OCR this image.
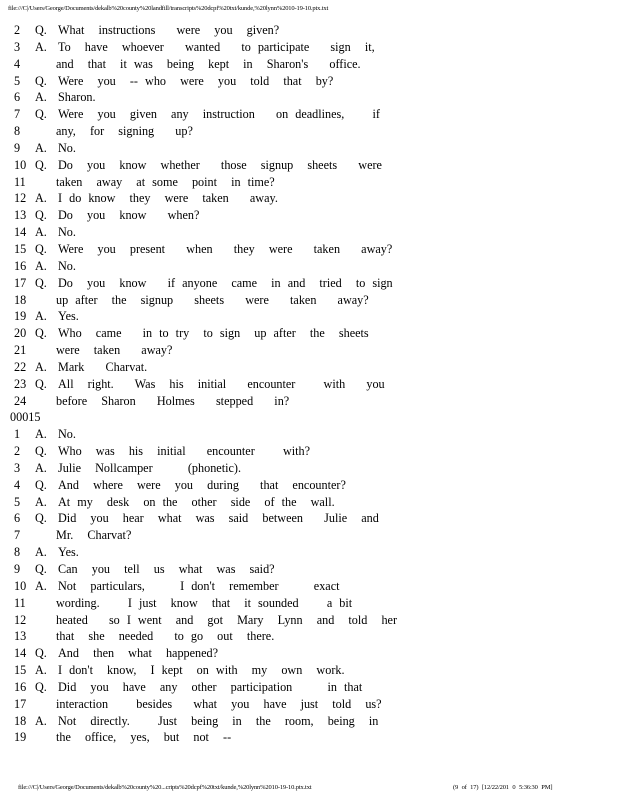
file:///C|/Users/George/Documents/dekalb%20county%20landfill/transcripts%20dcpf%20txt/kunde,%20lynn%2010-19-10.ptx.txt
2	Q. What  instructions   were  you  given?
3	A. To  have  whoever   wanted   to participate   sign  it,
4	and  that  it was  being  kept  in  Sharon's   office.
5	Q. Were  you  -- who  were  you  told  that  by?
6	A. Sharon.
7	Q. Were  you  given  any  instruction   on deadlines,    if
8	any,  for  signing   up?
9	A. No.
10 Q. Do  you  know  whether   those  signup  sheets   were
11	taken  away  at some  point  in time?
12 A. I do know  they  were  taken   away.
13 Q. Do  you  know   when?
14 A. No.
15 Q. Were  you  present   when   they  were   taken   away?
16 A. No.
17 Q. Do  you  know   if anyone  came  in and  tried  to sign
18	up after  the  signup   sheets   were   taken   away?
19 A. Yes.
20 Q. Who  came   in to try  to sign  up after  the  sheets
21	were  taken   away?
22 A. Mark   Charvat.
23 Q. All  right.   Was  his  initial   encounter    with   you
24	before  Sharon   Holmes   stepped   in?
00015
1	A. No.
2	Q. Who  was  his  initial   encounter    with?
3	A. Julie  Nollcamper     (phonetic).
4	Q. And  where  were  you  during   that  encounter?
5	A. At my  desk  on the  other  side  of the  wall.
6	Q. Did  you  hear  what  was  said  between   Julie  and
7	Mr.  Charvat?
8	A. Yes.
9	Q. Can  you  tell  us  what  was  said?
10 A. Not  particulars,     I don't  remember     exact
11	wording.    I just  know  that  it sounded    a bit
12	heated   so I went  and  got  Mary  Lynn  and  told  her
13	that  she  needed   to go  out  there.
14 Q. And  then  what  happened?
15 A. I don't  know,  I kept  on with  my  own  work.
16 Q. Did  you  have  any  other  participation     in that
17	interaction    besides   what  you  have  just  told  us?
18 A. Not  directly.    Just  being  in  the  room,  being  in
19	the  office,  yes,  but  not  --
file:///C|/Users/George/Documents/dekalb%20county%20...cripts%20dcpf%20txt/kunde,%20lynn%2010-19-10.ptx.txt	(9 of 17) [12/22/201 0 5:36:30 PM]
